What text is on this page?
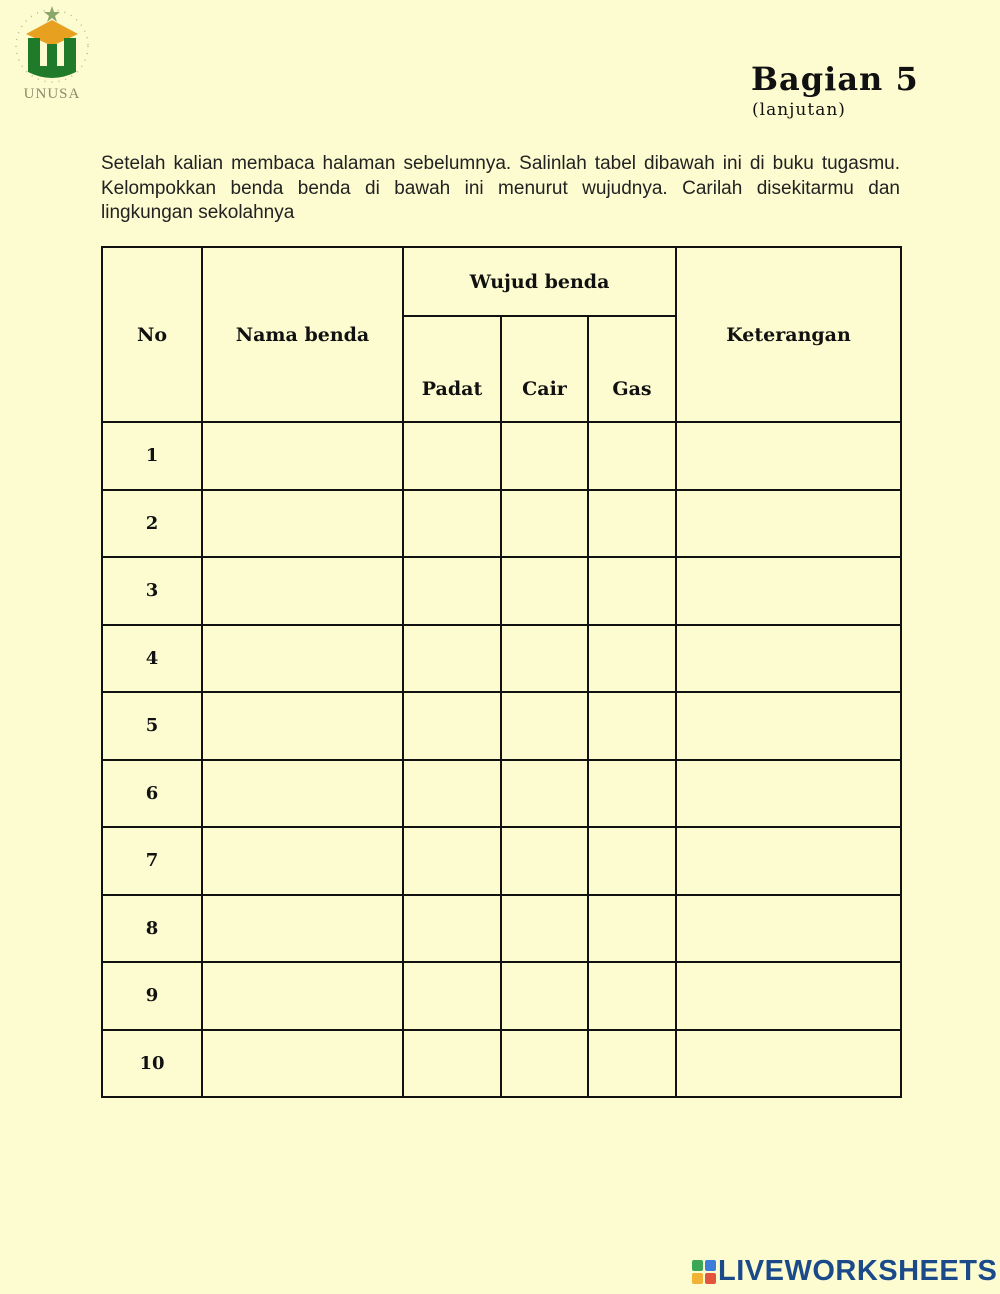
UNUSA	Bagian 5
(lanjutan)
Setelah kalian membaca halaman sebelumnya. Salinlah tabel dibawah ini di buku tugasmu. Kelompokkan benda benda di bawah ini menurut wujudnya. Carilah disekitarmu dan lingkungan sekolahnya
No	Nama benda	Wujud benda			Keterangan
		Padat	Cair	Gas	
1					
2					
3					
4					
5					
6					
7					
8					
9					
10					
LIVEWORKSHEETS
